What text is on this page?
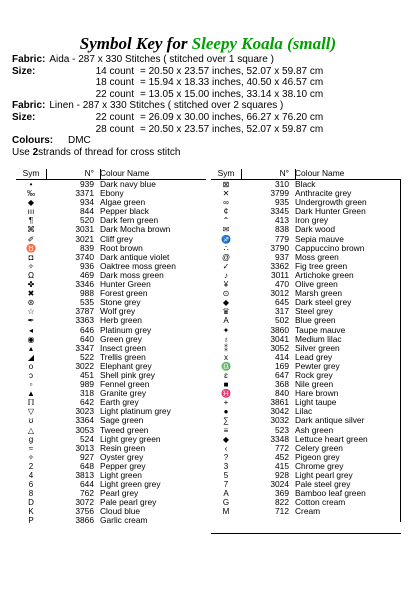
Symbol Key for Sleepy Koala (small)
Fabric: Aida - 287 x 330 Stitches ( stitched over 1 square )
Size:	14 count = 20.50 x 23.57 inches, 52.07 x 59.87 cm
18 count = 15.94 x 18.33 inches, 40.50 x 46.57 cm
22 count = 13.05 x 15.00 inches, 33.14 x 38.10 cm
Fabric: Linen - 287 x 330 Stitches ( stitched over 2 squares )
Size:	22 count = 26.09 x 30.00 inches, 66.27 x 76.20 cm
28 count = 20.50 x 23.57 inches, 52.07 x 59.87 cm
Colours:	DMC
Use
2 strands of thread for cross stitch
Sym	N° Colour Name
•	939 Dark navy blue
‰	3371 Ebony
◆	934 Algae green
ııı	844 Pepper black
¶	520 Dark fern green
⌘	3031 Dark Mocha brown
✐	3021 Cliff grey
♉	839 Root brown
◘	3740 Dark antique violet
✧	936 Oaktree moss green
Ω	469 Dark moss green
✤	3346 Hunter Green
✖	988 Forest green
⊛	535 Stone grey
☆	3787 Wolf grey
✒	3363 Herb green
◂	646 Platinum grey
◉	640 Green grey
▴	3347 Insect green
◢	522 Trellis green
o	3022 Elephant grey
ↄ	451 Shell pink grey
▫	989 Fennel green
▲	318 Granite grey
ℿ	642 Earth grey
▽	3023 Light platinum grey
ʊ	3364 Sage green
△	3053 Tweed green
g	524 Light grey green
≈	3013 Resin green
✧	927 Oyster grey
2	648 Pepper grey
4	3813 Light green
6	644 Light green grey
8	762 Pearl grey
D	3072 Pale pearl grey
K	3756 Cloud blue
P	3866 Garlic cream
Sym	N° Colour Name
⊠	310 Black
✕	3799 Anthracite grey
∞	935 Undergrowth green
¢	3345 Dark Hunter Green
⌃	413 Iron grey
✉	838 Dark wood
♐	779 Sepia mauve
∴	3790 Cappuccino brown
@	937 Moss green
✓	3362 Fig tree green
♪	3011 Artichoke green
¥	470 Olive green
⊙	3012 Marsh green
◆	645 Dark steel grey
♛	317 Steel grey
A	502 Blue green
✦	3860 Taupe mauve
♁	3041 Medium lilac
⁑	3052 Silver green
x	414 Lead grey
♎	169 Pewter grey
ɛ	647 Rock grey
■	368 Nile green
♓	840 Hare brown
+	3861 Light taupe
●	3042 Lilac
∑	3032 Dark antique silver
≡	523 Ash green
◆	3348 Lettuce heart green
‹	772 Celery green
?	452 Pigeon grey
3	415 Chrome grey
5	928 Light pearl grey
7	3024 Pale steel grey
A	369 Bamboo leaf green
G	822 Cotton cream
M	712 Cream
